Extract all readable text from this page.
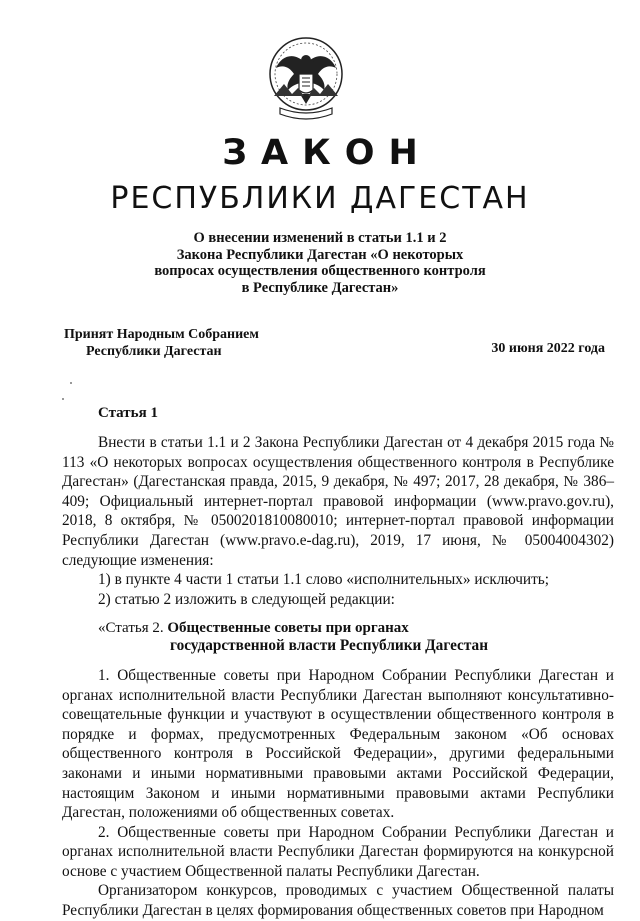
ЗАКОН
РЕСПУБЛИКИ ДАГЕСТАН
О внесении изменений в статьи 1.1 и 2
Закона Республики Дагестан «О некоторых
вопросах осуществления общественного контроля
в Республике Дагестан»
Принят Народным Собранием
Республики Дагестан	30 июня 2022 года
Статья 1

Внести в статьи 1.1 и 2 Закона Республики Дагестан от 4 декабря 2015 года № 113 «О некоторых вопросах осуществления общественного контроля в Республике Дагестан» (Дагестанская правда, 2015, 9 декабря, № 497; 2017, 28 декабря, № 386–409; Официальный интернет-портал правовой информации (www.pravo.gov.ru), 2018, 8 октября, № 0500201810080010; интернет-портал правовой информации Республики Дагестан (www.pravo.e-dag.ru), 2019, 17 июня, № 05004004302) следующие изменения:

1) в пункте 4 части 1 статьи 1.1 слово «исполнительных» исключить;

2) статью 2 изложить в следующей редакции:

«Статья 2.
Общественные советы при органах
государственной власти Республики Дагестан

1. Общественные советы при Народном Собрании Республики Дагестан и органах исполнительной власти Республики Дагестан выполняют консультативно-совещательные функции и участвуют в осуществлении общественного контроля в порядке и формах, предусмотренных Федеральным законом «Об основах общественного контроля в Российской Федерации», другими федеральными законами и иными нормативными правовыми актами Российской Федерации, настоящим Законом и иными нормативными правовыми актами Республики Дагестан, положениями об общественных советах.

2. Общественные советы при Народном Собрании Республики Дагестан и органах исполнительной власти Республики Дагестан формируются на конкурсной основе с участием Общественной палаты Республики Дагестан.

Организатором конкурсов, проводимых с участием Общественной палаты Республики Дагестан в целях формирования общественных советов при Народном
